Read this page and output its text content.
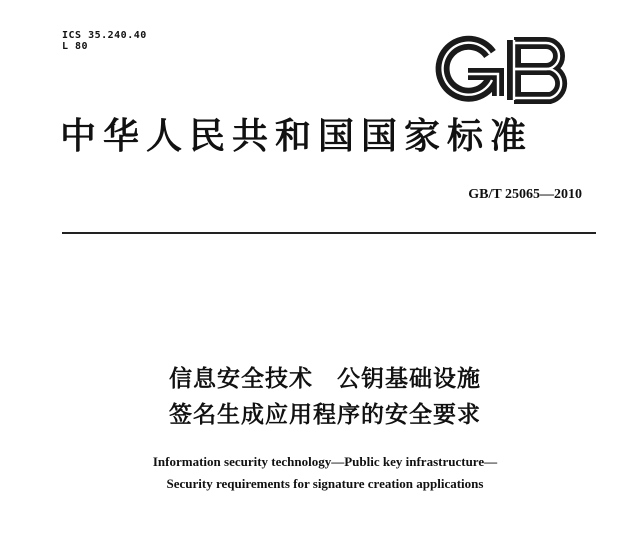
ICS 35.240.40
L 80
GB
中华人民共和国国家标准
GB/T 25065—2010
信息安全技术　公钥基础设施
签名生成应用程序的安全要求
Information security technology—Public key infrastructure—
Security requirements for signature creation applications
